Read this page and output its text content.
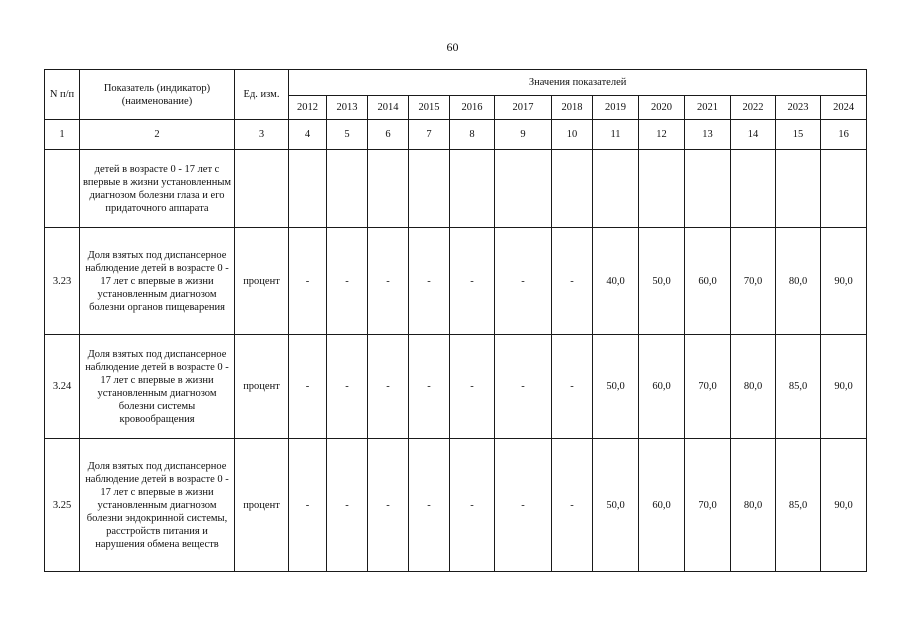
60
N п/п	Показатель (индикатор) (наименование)	Ед. изм.	Значения показателей												
			2012	2013	2014	2015	2016	2017	2018	2019	2020	2021	2022	2023	2024
1	2	3	4	5	6	7	8	9	10	11	12	13	14	15	16
	детей в возрасте 0 - 17 лет с впервые в жизни установленным диагнозом болезни глаза и его придаточного аппарата														
3.23	Доля взятых под диспансерное наблюдение детей в возрасте 0 - 17 лет с впервые в жизни установленным диагнозом болезни органов пищеварения	процент	-	-	-	-	-	-	-	40,0	50,0	60,0	70,0	80,0	90,0
3.24	Доля взятых под диспансерное наблюдение детей в возрасте 0 - 17 лет с впервые в жизни установленным диагнозом болезни системы кровообращения	процент	-	-	-	-	-	-	-	50,0	60,0	70,0	80,0	85,0	90,0
3.25	Доля взятых под диспансерное наблюдение детей в возрасте 0 - 17 лет с впервые в жизни установленным диагнозом болезни эндокринной системы, расстройств питания и нарушения обмена веществ	процент	-	-	-	-	-	-	-	50,0	60,0	70,0	80,0	85,0	90,0
